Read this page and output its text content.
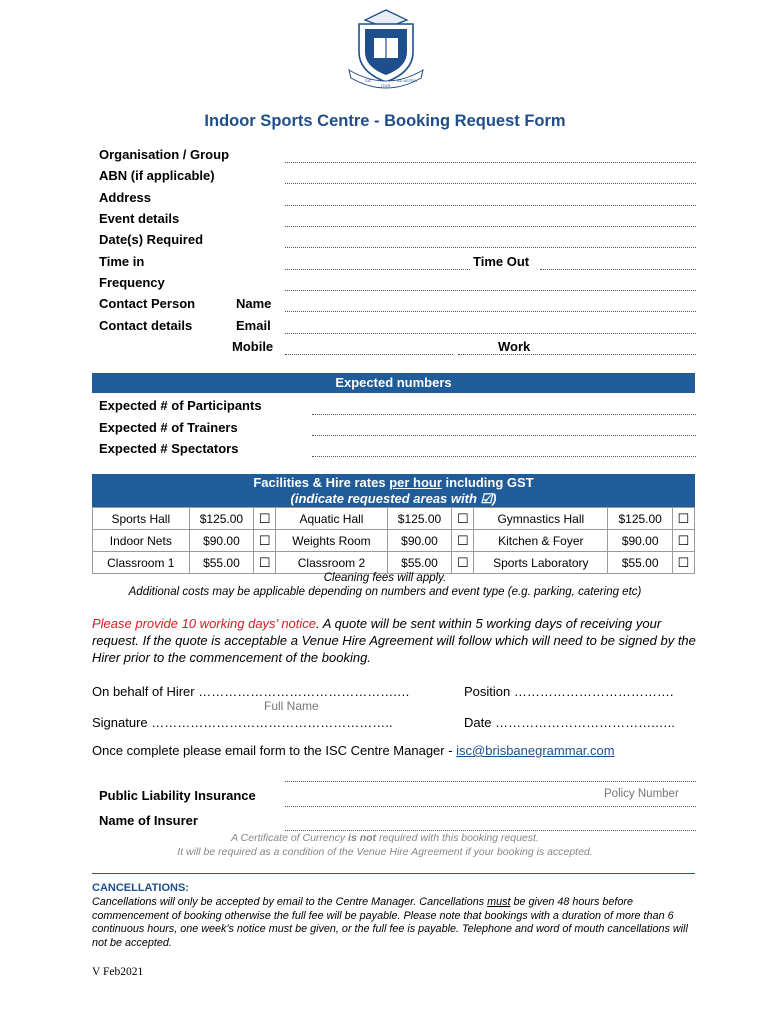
SIC
ITUR
AD ASTRA
Indoor Sports Centre - Booking Request Form
Organisation / Group
ABN (if applicable)
Address
Event details
Date(s) Required
Time in	Time Out
Frequency
Contact Person	Name
Contact details	Email
Mobile	Work
Expected numbers
Expected # of Participants
Expected # of Trainers
Expected # Spectators
Facilities & Hire rates per hour including GST
(indicate requested areas with ☑)
Sports Hall	$125.00	☐	Aquatic Hall	$125.00	☐	Gymnastics Hall	$125.00	☐
Indoor Nets	$90.00	☐	Weights Room	$90.00	☐	Kitchen & Foyer	$90.00	☐
Classroom 1	$55.00	☐	Classroom 2	$55.00	☐	Sports Laboratory	$55.00	☐
Cleaning fees will apply.
Additional costs may be applicable depending on numbers and event type (e.g. parking, catering etc)
Please provide 10 working days’ notice. A quote will be sent within 5 working days of receiving your request. If the quote is acceptable a Venue Hire Agreement will follow which will need to be signed by the Hirer prior to the commencement of the booking.
On behalf of Hirer ……………………………………….…	Position ……………………………….
Full Name
Signature ………………………………………………..	Date ……………………………….…..
Once complete please email form to the ISC Centre Manager - isc@brisbanegrammar.com
Public Liability Insurance	Policy Number
Name of Insurer
A Certificate of Currency is not required with this booking request.
It will be required as a condition of the Venue Hire Agreement if your booking is accepted.
CANCELLATIONS:
Cancellations will only be accepted by email to the Centre Manager. Cancellations must be given 48 hours before commencement of booking otherwise the full fee will be payable. Please note that bookings with a duration of more than 6 continuous hours, one week's notice must be given, or the full fee is payable. Telephone and word of mouth cancellations will not be accepted.
V Feb2021
